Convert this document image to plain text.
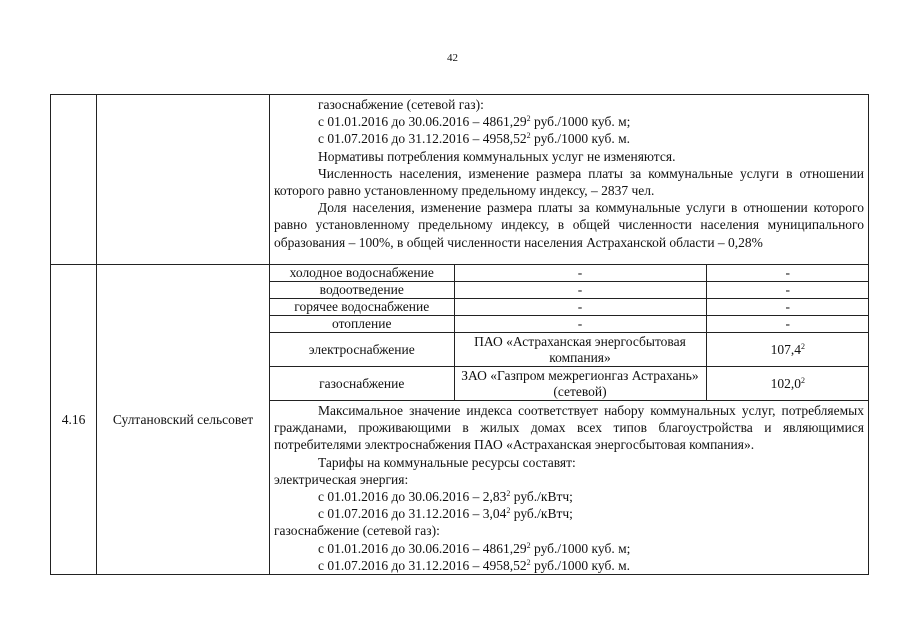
42

газоснабжение (сетевой газ):
с 01.01.2016 до 30.06.2016 – 4861,29$^2$ руб./1000 куб. м;
с 01.07.2016 до 31.12.2016 – 4958,52$^2$ руб./1000 куб. м.

Нормативы потребления коммунальных услуг не изменяются.

Численность населения, изменение размера платы за коммунальные услуги в отношении которого равно установленному предельному индексу, – 2837 чел.

Доля населения, изменение размера платы за коммунальные услуги в отношении которого равно установленному предельному индексу, в общей численности населения муниципального образования – 100%, в общей численности населения Астраханской области – 0,28%

4.16	Султановский сельсовет	
холодное водоснабжение	-	-
водоотведение	-	-
горячее водоснабжение	-	-
отопление	-	-
электроснабжение	ПАО «Астраханская энергосбытовая компания»	107,4$^2$
газоснабжение	ЗАО «Газпром межрегионгаз Астрахань» (сетевой)	102,0$^2$

Максимальное значение индекса соответствует набору коммунальных услуг, потребляемых гражданами, проживающими в жилых домах всех типов благоустройства и являющимися потребителями электроснабжения ПАО «Астраханская энергосбытовая компания».

Тарифы на коммунальные ресурсы составят:
электрическая энергия:
с 01.01.2016 до 30.06.2016 – 2,83$^2$ руб./кВтч;
с 01.07.2016 до 31.12.2016 – 3,04$^2$ руб./кВтч;
газоснабжение (сетевой газ):
с 01.01.2016 до 30.06.2016 – 4861,29$^2$ руб./1000 куб. м;
с 01.07.2016 до 31.12.2016 – 4958,52$^2$ руб./1000 куб. м.
